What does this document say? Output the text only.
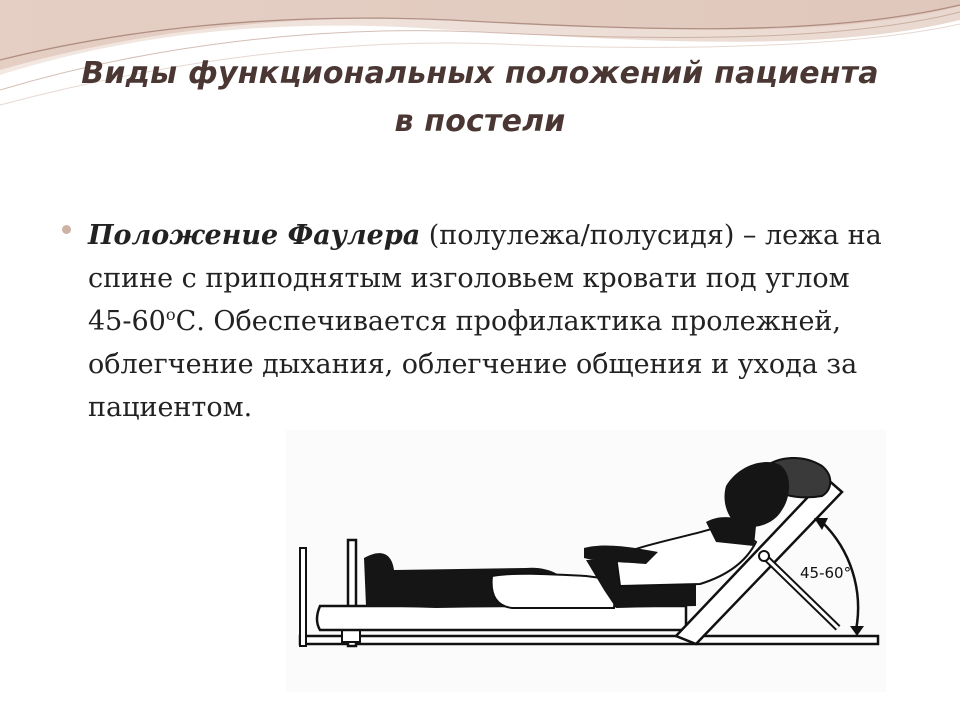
Виды функциональных положений пациента
в постели
Положение Фаулера (полулежа/полусидя) – лежа на спине с приподнятым изголовьем кровати под углом $45-60^оС$. Обеспечивается профилактика пролежней, облегчение дыхания, облегчение общения и ухода за пациентом.
45-60°
